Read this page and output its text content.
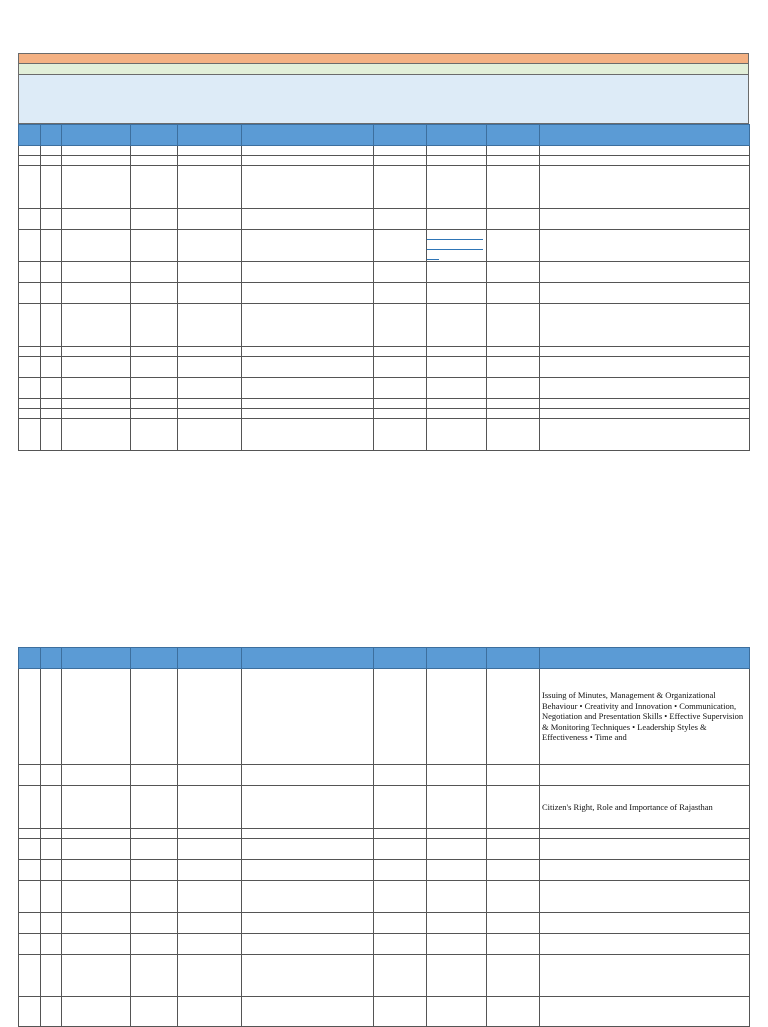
									Issuing of Minutes, Management & Organizational Behaviour • Creativity and Innovation • Communication, Negotiation and Presentation Skills • Effective Supervision & Monitoring Techniques • Leadership Styles & Effectiveness • Time and

									Citizen's Right, Role and Importance of Rajasthan
